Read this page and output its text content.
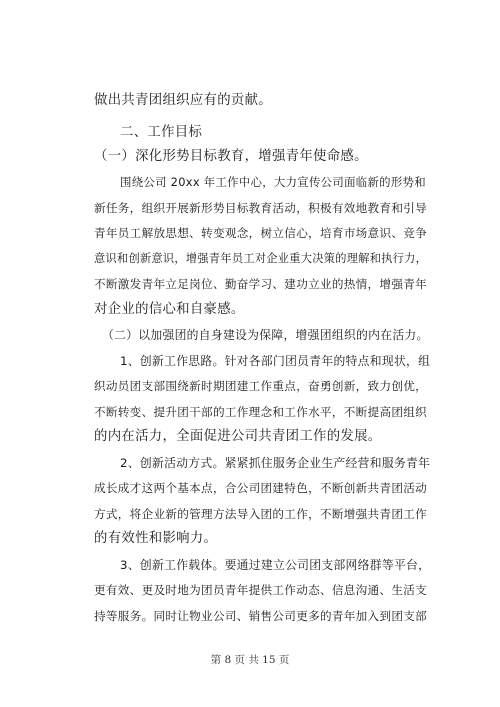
做出共青团组织应有的贡献。
二、工作目标
（一）深化形势目标教育，增强青年使命感。
围绕公司 20xx 年工作中心，大力宣传公司面临新的形势和
新任务，组织开展新形势目标教育活动，积极有效地教育和引导
青年员工解放思想、转变观念，树立信心，培育市场意识、竞争
意识和创新意识，增强青年员工对企业重大决策的理解和执行力，
不断激发青年立足岗位、勤奋学习、建功立业的热情，增强青年
对企业的信心和自豪感。
（二）以加强团的自身建设为保障，增强团组织的内在活力。
1、创新工作思路。针对各部门团员青年的特点和现状，组
织动员团支部围绕新时期团建工作重点，奋勇创新，致力创优，
不断转变、提升团干部的工作理念和工作水平，不断提高团组织
的内在活力，全面促进公司共青团工作的发展。
2、创新活动方式。紧紧抓住服务企业生产经营和服务青年
成长成才这两个基本点，合公司团建特色，不断创新共青团活动
方式，将企业新的管理方法导入团的工作，不断增强共青团工作
的有效性和影响力。
3、创新工作载体。要通过建立公司团支部网络群等平台，
更有效、更及时地为团员青年提供工作动态、信息沟通、生活支
持等服务。同时让物业公司、销售公司更多的青年加入到团支部
第 8 页 共 15 页
